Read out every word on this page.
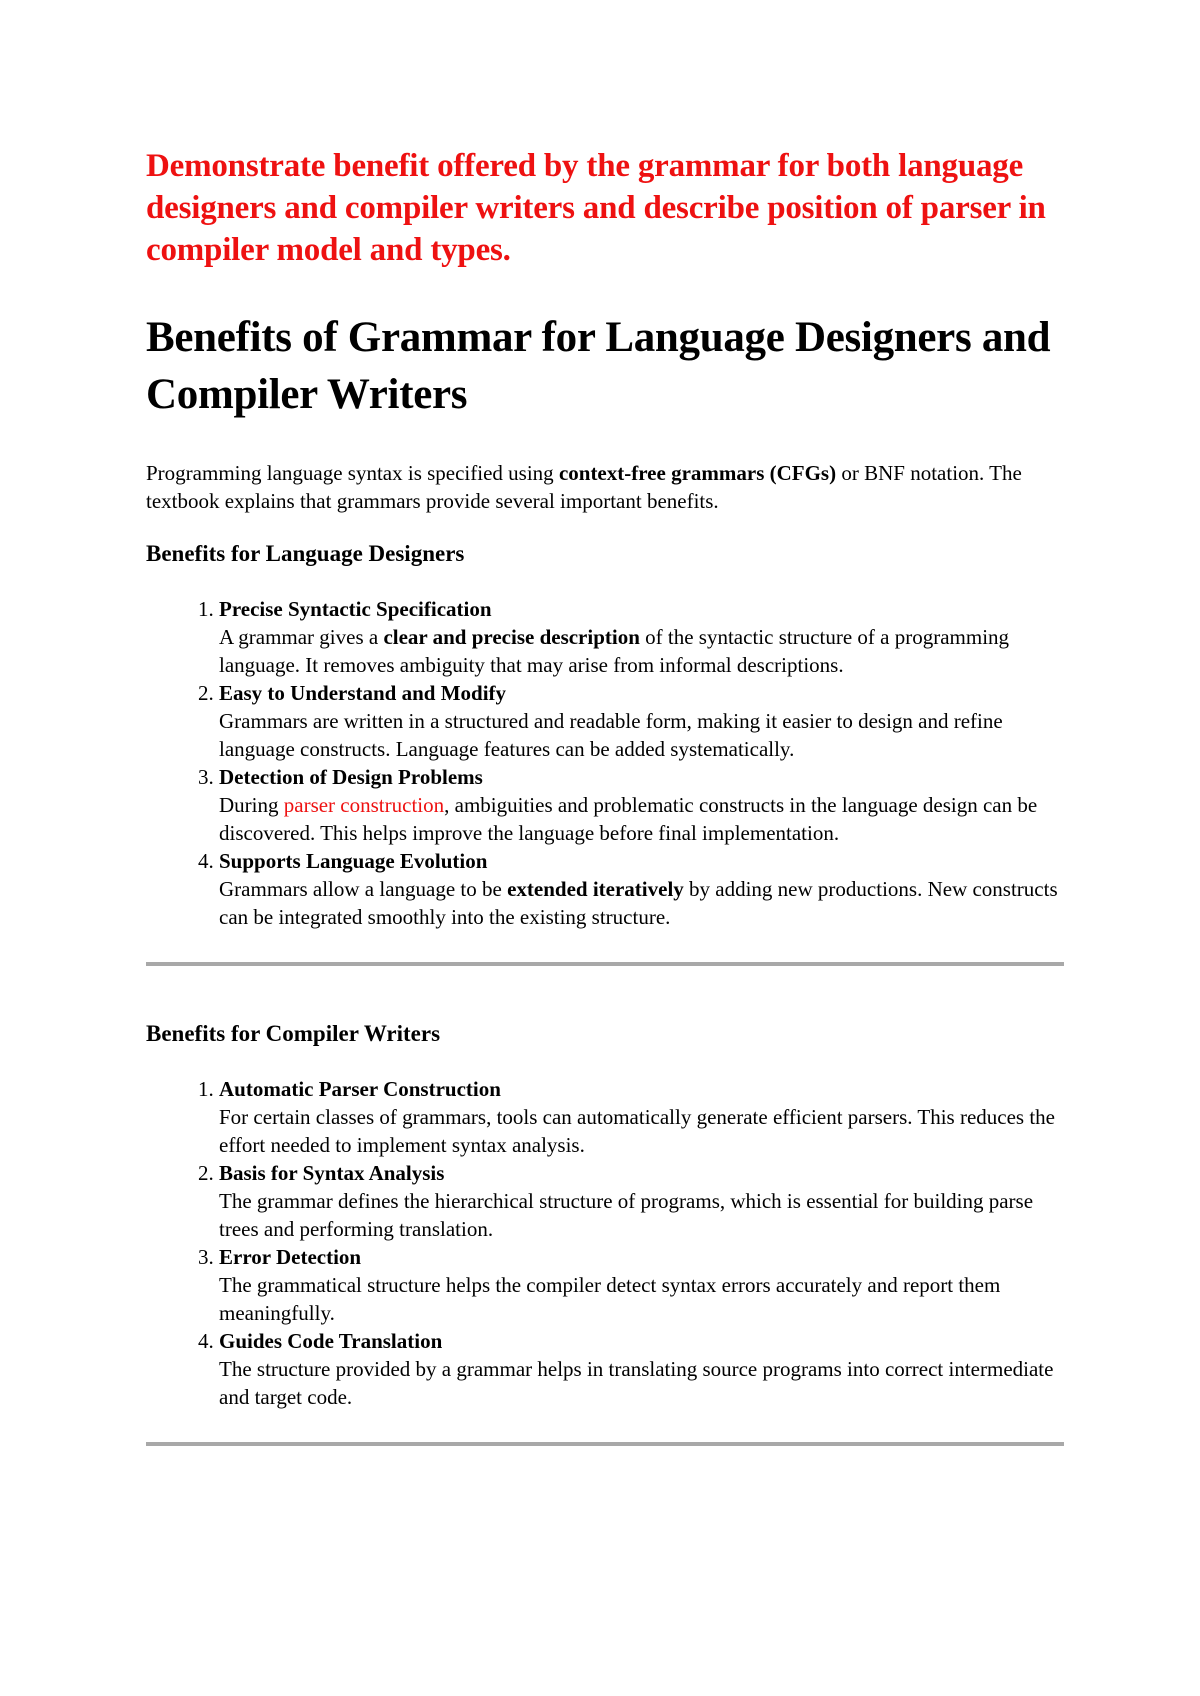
Demonstrate benefit offered by the grammar for both language designers and compiler writers and describe position of parser in compiler model and types.
Benefits of Grammar for Language Designers and Compiler Writers

Programming language syntax is specified using context-free grammars (CFGs) or BNF notation. The textbook explains that grammars provide several important benefits.

Benefits for Language Designers
1. Precise Syntactic Specification
A grammar gives a clear and precise description of the syntactic structure of a programming language. It removes ambiguity that may arise from informal descriptions.
2. Easy to Understand and Modify
Grammars are written in a structured and readable form, making it easier to design and refine language constructs. Language features can be added systematically.
3. Detection of Design Problems
During parser construction, ambiguities and problematic constructs in the language design can be discovered. This helps improve the language before final implementation.
4. Supports Language Evolution
Grammars allow a language to be extended iteratively by adding new productions. New constructs can be integrated smoothly into the existing structure.
Benefits for Compiler Writers
1. Automatic Parser Construction
For certain classes of grammars, tools can automatically generate efficient parsers. This reduces the effort needed to implement syntax analysis.
2. Basis for Syntax Analysis
The grammar defines the hierarchical structure of programs, which is essential for building parse trees and performing translation.
3. Error Detection
The grammatical structure helps the compiler detect syntax errors accurately and report them meaningfully.
4. Guides Code Translation
The structure provided by a grammar helps in translating source programs into correct intermediate and target code.
